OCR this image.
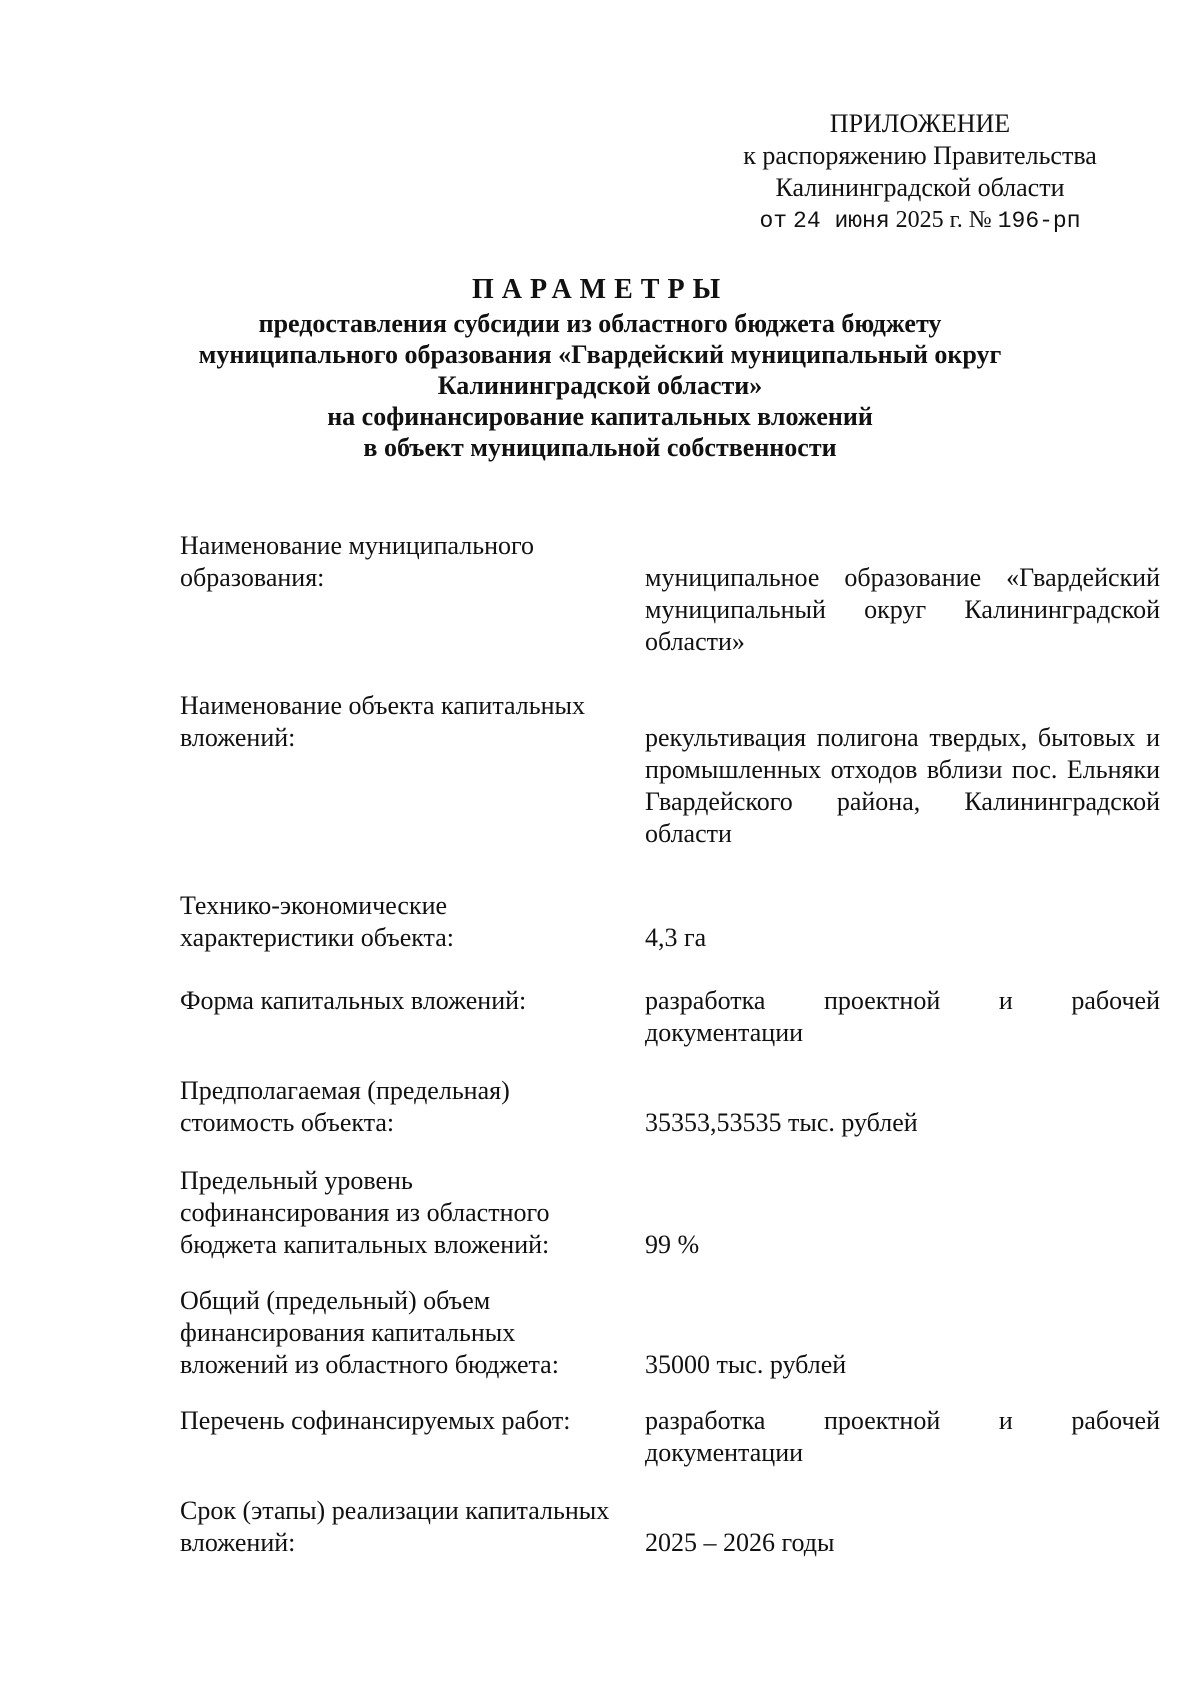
ПРИЛОЖЕНИЕ
к распоряжению Правительства
Калининградской области
от 24 июня 2025 г. № 196-рп
ПАРАМЕТРЫ
предоставления субсидии из областного бюджета бюджету
муниципального образования «Гвардейский муниципальный округ
Калининградской области»
на софинансирование капитальных вложений
в объект муниципальной собственности
Наименование муниципального
образования:	муниципальное образование «Гвардейский муниципальный округ Калининградской области»
Наименование объекта капитальных
вложений:	рекультивация полигона твердых, бытовых и промышленных отходов вблизи пос. Ельняки Гвардейского района, Калининградской области
Технико-экономические
характеристики объекта:	4,3 га
Форма капитальных вложений:	разработка проектной и рабочей документации
Предполагаемая (предельная)
стоимость объекта:	35353,53535 тыс. рублей
Предельный уровень
софинансирования из областного
бюджета капитальных вложений:	99 %
Общий (предельный) объем
финансирования капитальных
вложений из областного бюджета:	35000 тыс. рублей
Перечень софинансируемых работ:	разработка проектной и рабочей документации
Срок (этапы) реализации капитальных
вложений:	2025 – 2026 годы
